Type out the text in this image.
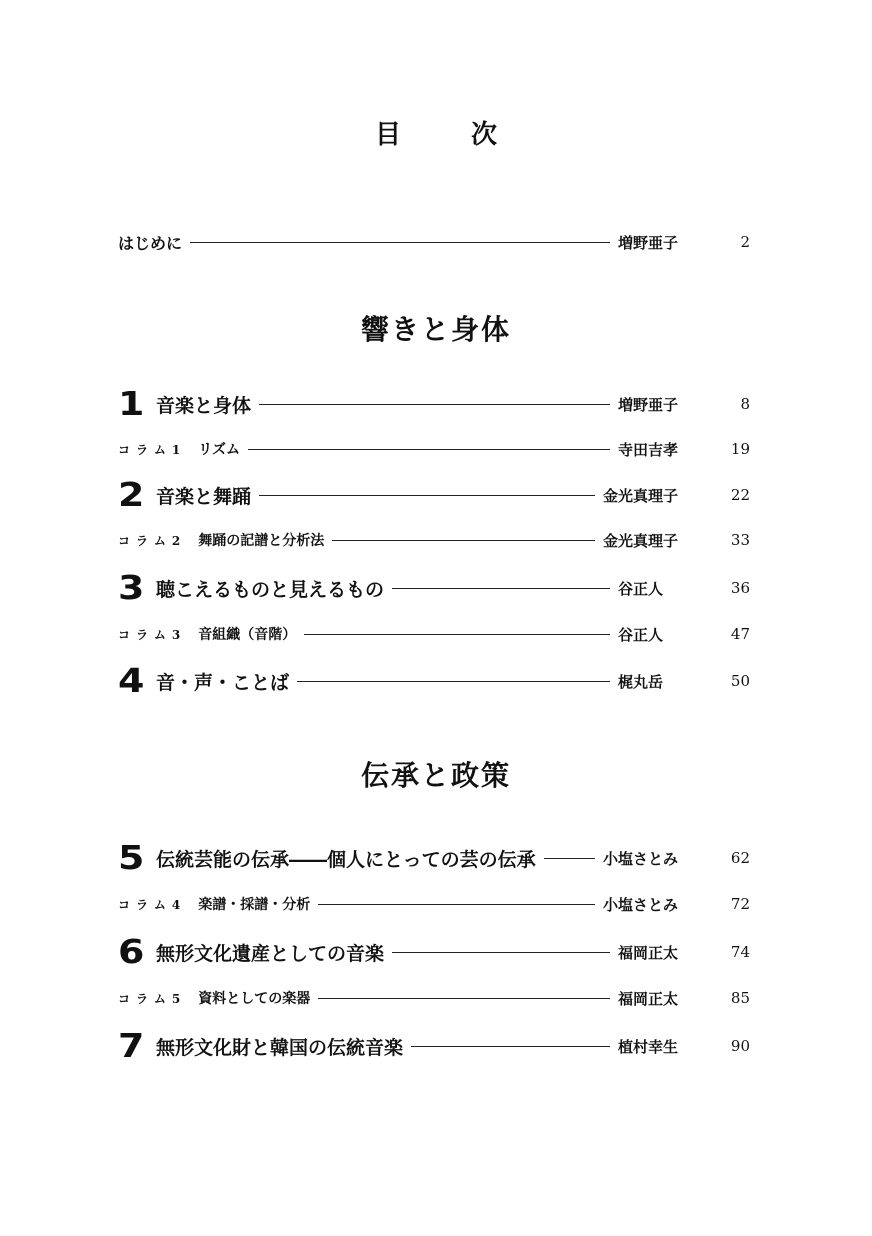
目　次
はじめに	増野亜子	2
響きと身体
1 音楽と身体	増野亜子	8
コラム1 リズム	寺田吉孝	19
2 音楽と舞踊	金光真理子	22
コラム2 舞踊の記譜と分析法	金光真理子	33
3 聴こえるものと見えるもの	谷正人	36
コラム3 音組織（音階）	谷正人	47
4 音・声・ことば	梶丸岳	50
伝承と政策
5 伝統芸能の伝承――個人にとっての芸の伝承	小塩さとみ	62
コラム4 楽譜・採譜・分析	小塩さとみ	72
6 無形文化遺産としての音楽	福岡正太	74
コラム5 資料としての楽器	福岡正太	85
7 無形文化財と韓国の伝統音楽	植村幸生	90
